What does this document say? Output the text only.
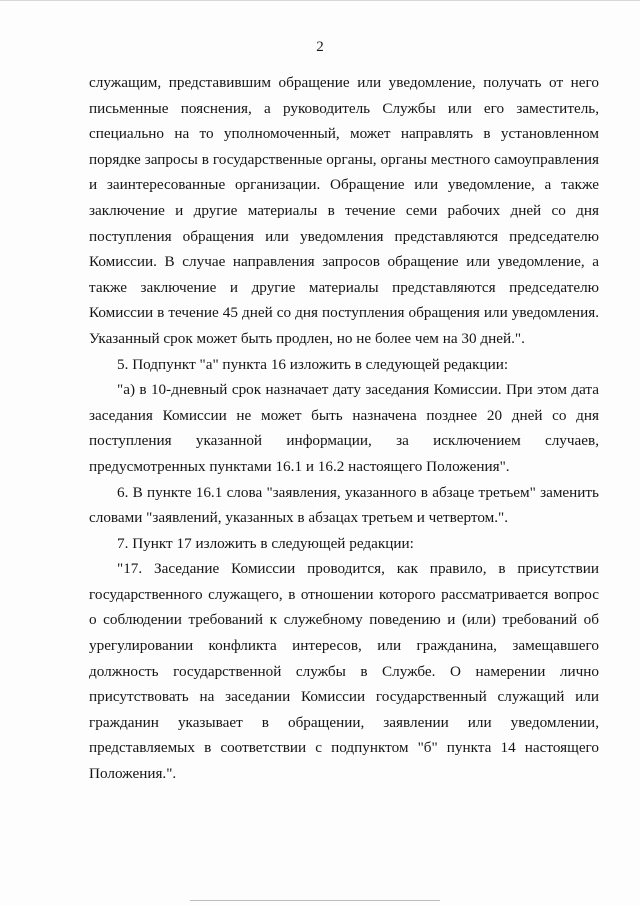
2

служащим, представившим обращение или уведомление, получать от него письменные пояснения, а руководитель Службы или его заместитель, специально на то уполномоченный, может направлять в установленном порядке запросы в государственные органы, органы местного самоуправления и заинтересованные организации. Обращение или уведомление, а также заключение и другие материалы в течение семи рабочих дней со дня поступления обращения или уведомления представляются председателю Комиссии. В случае направления запросов обращение или уведомление, а также заключение и другие материалы представляются председателю Комиссии в течение 45 дней со дня поступления обращения или уведомления. Указанный срок может быть продлен, но не более чем на 30 дней.".

5. Подпункт "а" пункта 16 изложить в следующей редакции:

"а) в 10-дневный срок назначает дату заседания Комиссии. При этом дата заседания Комиссии не может быть назначена позднее 20 дней со дня поступления указанной информации, за исключением случаев, предусмотренных пунктами 16.1 и 16.2 настоящего Положения".

6. В пункте 16.1 слова "заявления, указанного в абзаце третьем" заменить словами "заявлений, указанных в абзацах третьем и четвертом.".

7. Пункт 17 изложить в следующей редакции:

"17. Заседание Комиссии проводится, как правило, в присутствии государственного служащего, в отношении которого рассматривается вопрос о соблюдении требований к служебному поведению и (или) требований об урегулировании конфликта интересов, или гражданина, замещавшего должность государственной службы в Службе. О намерении лично присутствовать на заседании Комиссии государственный служащий или гражданин указывает в обращении, заявлении или уведомлении, представляемых в соответствии с подпунктом "б" пункта 14 настоящего Положения.".
